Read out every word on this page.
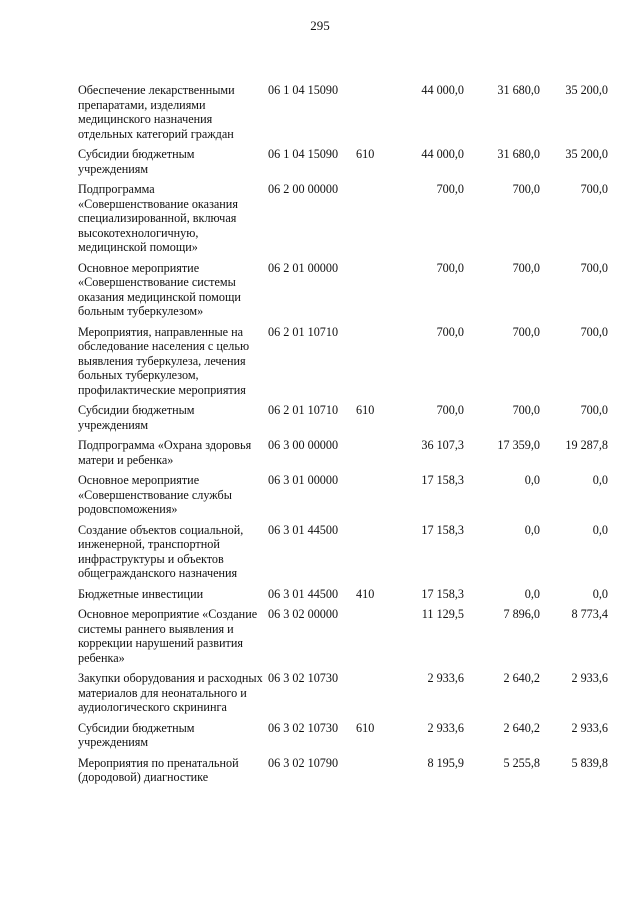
295
Обеспечение лекарственными препаратами, изделиями медицинского назначения отдельных категорий граждан	06 1 04 15090		44 000,0	31 680,0	35 200,0
Субсидии бюджетным учреждениям	06 1 04 15090	610	44 000,0	31 680,0	35 200,0
Подпрограмма «Совершенствование оказания специализированной, включая высокотехнологичную, медицинской помощи»	06 2 00 00000		700,0	700,0	700,0
Основное мероприятие «Совершенствование системы оказания медицинской помощи больным туберкулезом»	06 2 01 00000		700,0	700,0	700,0
Мероприятия, направленные на обследование населения с целью выявления туберкулеза, лечения больных туберкулезом, профилактические мероприятия	06 2 01 10710		700,0	700,0	700,0
Субсидии бюджетным учреждениям	06 2 01 10710	610	700,0	700,0	700,0
Подпрограмма «Охрана здоровья матери и ребенка»	06 3 00 00000		36 107,3	17 359,0	19 287,8
Основное мероприятие «Совершенствование службы родовспоможения»	06 3 01 00000		17 158,3	0,0	0,0
Создание объектов социальной, инженерной, транспортной инфраструктуры и объектов общегражданского назначения	06 3 01 44500		17 158,3	0,0	0,0
Бюджетные инвестиции	06 3 01 44500	410	17 158,3	0,0	0,0
Основное мероприятие «Создание системы раннего выявления и коррекции нарушений развития ребенка»	06 3 02 00000		11 129,5	7 896,0	8 773,4
Закупки оборудования и расходных материалов для неонатального и аудиологического скрининга	06 3 02 10730		2 933,6	2 640,2	2 933,6
Субсидии бюджетным учреждениям	06 3 02 10730	610	2 933,6	2 640,2	2 933,6
Мероприятия по пренатальной (дородовой) диагностике	06 3 02 10790		8 195,9	5 255,8	5 839,8
